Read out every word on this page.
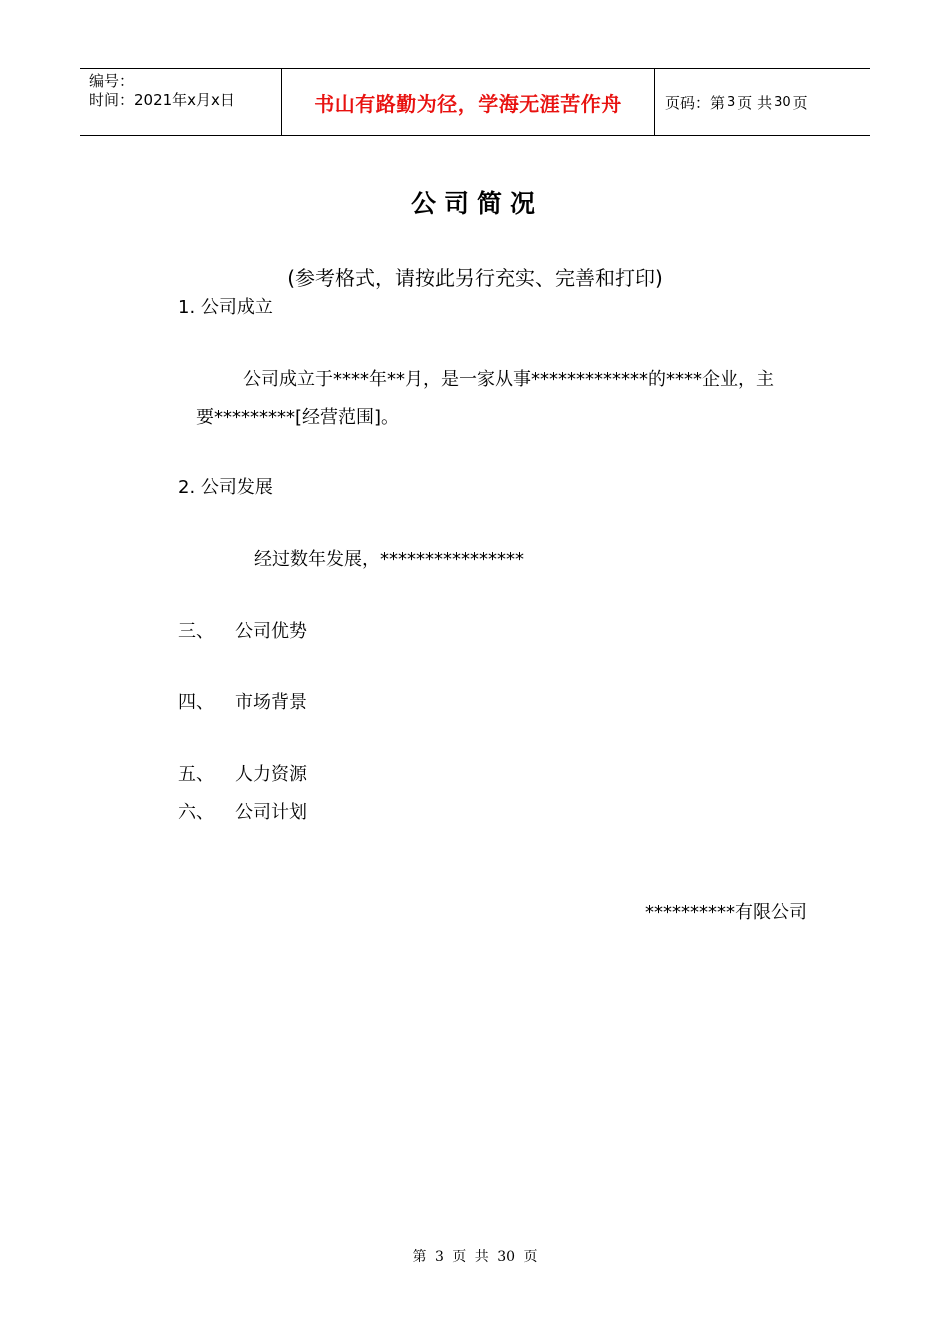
编号：
时间：2021年x月x日	书山有路勤为径，学海无涯苦作舟	页码：第 3 页 共 30 页
公司简况
(参考格式，请按此另行充实、完善和打印)
1. 公司成立
公司成立于****年**月，是一家从事*************的****企业，主
要*********[经营范围]。
2. 公司发展
经过数年发展，****************
三、 公司优势
四、 市场背景
五、 人力资源
六、 公司计划
**********有限公司
第 3 页 共 30 页
